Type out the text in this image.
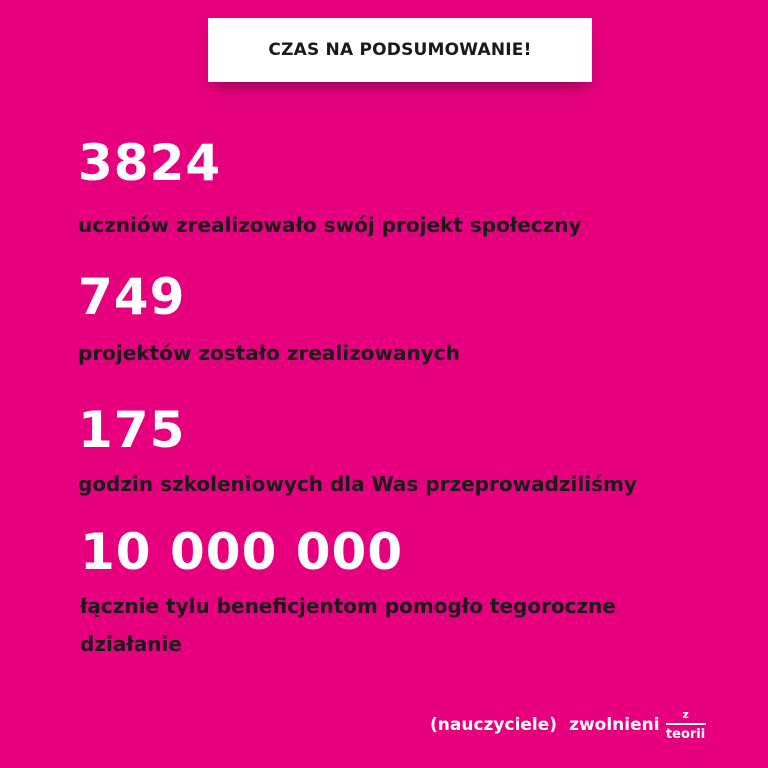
CZAS NA PODSUMOWANIE!
3824
uczniów zrealizowało swój projekt społeczny
749
projektów zostało zrealizowanych
175
godzin szkoleniowych dla Was przeprowadziliśmy
10 000 000
łącznie tylu beneficjentom pomogło tegoroczne działanie
(nauczyciele) zwolnieni
z
teorii
